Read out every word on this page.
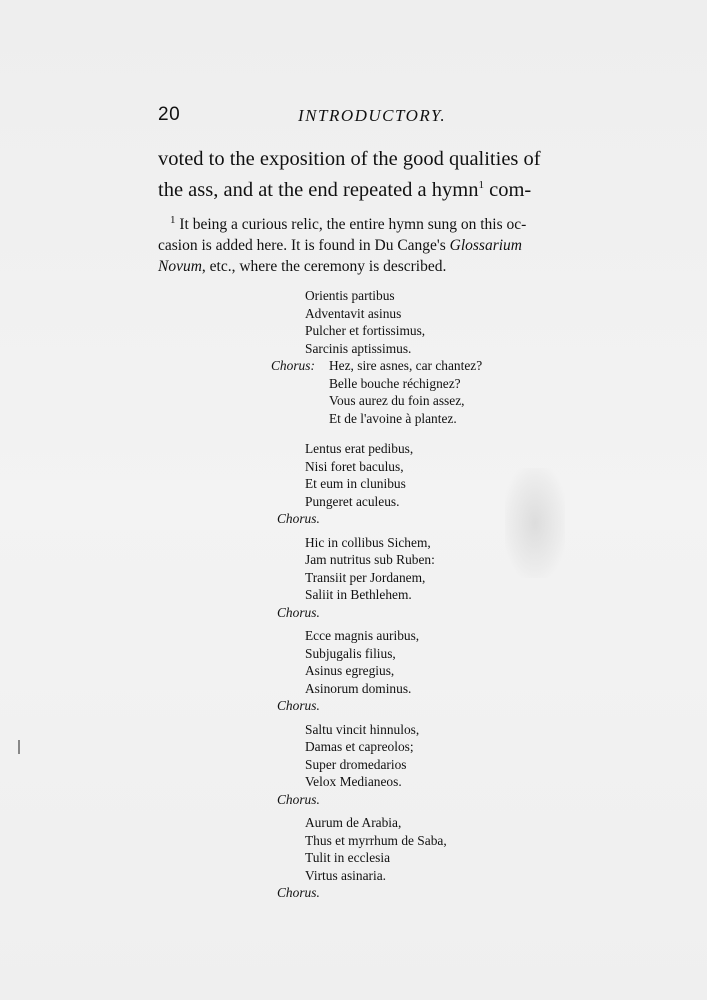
20	INTRODUCTORY.
voted to the exposition of the good qualities of
the ass, and at the end repeated a hymn$^1$ com-
$^1$ It being a curious relic, the entire hymn sung on this oc-
casion is added here. It is found in Du Cange's Glossarium
Novum, etc., where the ceremony is described.
Orientis partibus
Adventavit asinus
Pulcher et fortissimus,
Sarcinis aptissimus.
Chorus: Hez, sire asnes, car chantez?
Belle bouche réchignez?
Vous aurez du foin assez,
Et de l'avoine à plantez.
Lentus erat pedibus,
Nisi foret baculus,
Et eum in clunibus
Pungeret aculeus.
Chorus.
Hic in collibus Sichem,
Jam nutritus sub Ruben:
Transiit per Jordanem,
Saliit in Bethlehem.
Chorus.
Ecce magnis auribus,
Subjugalis filius,
Asinus egregius,
Asinorum dominus.
Chorus.
Saltu vincit hinnulos,
Damas et capreolos;
Super dromedarios
Velox Medianeos.
Chorus.
Aurum de Arabia,
Thus et myrrhum de Saba,
Tulit in ecclesia
Virtus asinaria.
Chorus.
